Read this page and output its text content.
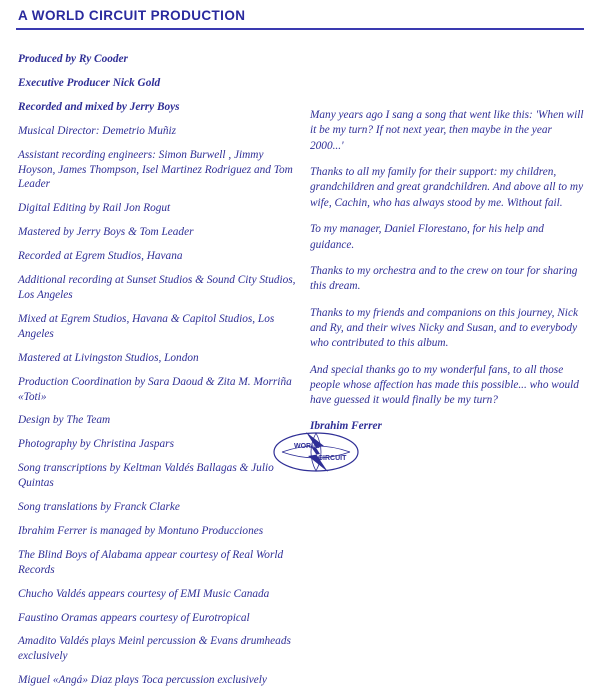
A WORLD CIRCUIT PRODUCTION
Produced by Ry Cooder
Executive Producer Nick Gold
Recorded and mixed by Jerry Boys
Musical Director: Demetrio Muñiz
Assistant recording engineers: Simon Burwell , Jimmy Hoyson, James Thompson, Isel Martinez Rodriguez and Tom Leader
Digital Editing by Rail Jon Rogut
Mastered by Jerry Boys & Tom Leader
Recorded at Egrem Studios, Havana
Additional recording at Sunset Studios & Sound City Studios, Los Angeles
Mixed at Egrem Studios, Havana & Capitol Studios, Los Angeles
Mastered at Livingston Studios, London
Production Coordination by Sara Daoud & Zita M. Morriña «Toti»
Design by The Team
Photography by Christina Jaspars
Song transcriptions by Keltman Valdés Ballagas & Julio Quintas
Song translations by Franck Clarke
Ibrahim Ferrer is managed by Montuno Producciones
The Blind Boys of Alabama appear courtesy of Real World Records
Chucho Valdés appears courtesy of EMI Music Canada
Faustino Oramas appears courtesy of Eurotropical
Amadito Valdés plays Meinl percussion & Evans drumheads exclusively
Miguel «Angá» Diaz plays Toca percussion exclusively
Many years ago I sang a song that went like this: 'When will it be my turn? If not next year, then maybe in the year 2000...'
Thanks to all my family for their support: my children, grandchildren and great grandchildren. And above all to my wife, Cachin, who has always stood by me. Without fail.
To my manager, Daniel Florestano, for his help and guidance.
Thanks to my orchestra and to the crew on tour for sharing this dream.
Thanks to my friends and companions on this journey, Nick and Ry, and their wives Nicky and Susan, and to everybody who contributed to this album.
And special thanks go to my wonderful fans, to all those people whose affection has made this possible... who would have guessed it would finally be my turn?
Ibrahim Ferrer
WORLD
CIRCUIT
